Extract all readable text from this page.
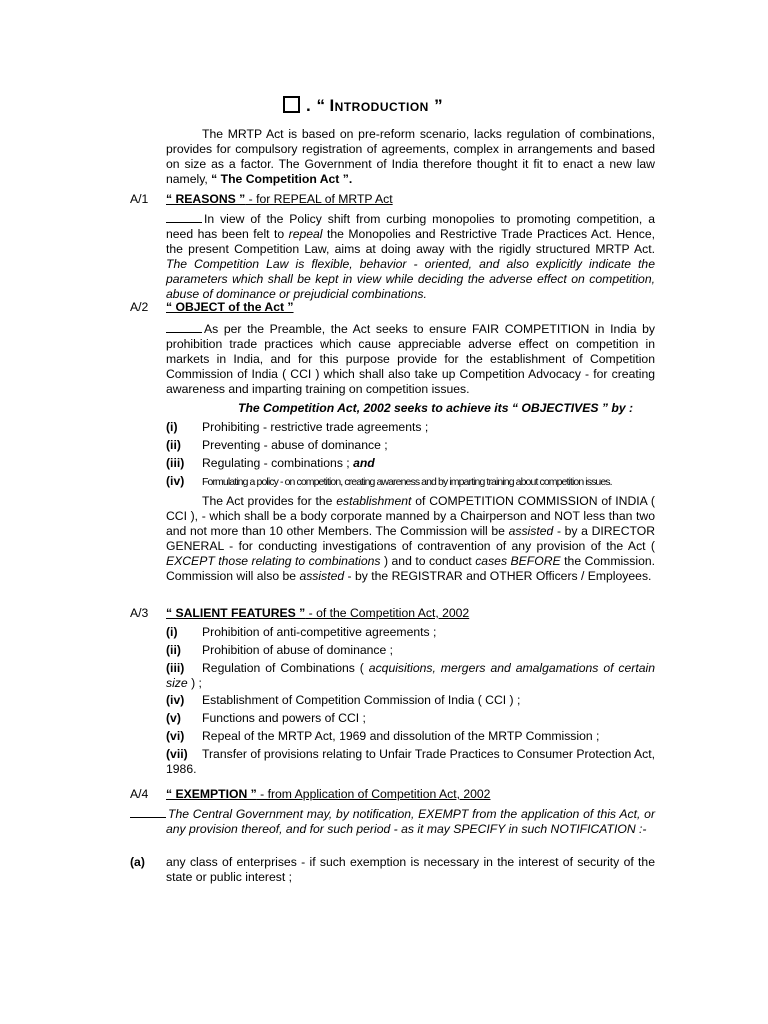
. “ Introduction ”
The MRTP Act is based on pre-reform scenario, lacks regulation of combinations, provides for compulsory registration of agreements, complex in arrangements and based on size as a factor. The Government of India therefore thought it fit to enact a new law namely, “ The Competition Act ”.
A/1 “ REASONS ” - for REPEAL of MRTP Act
In view of the Policy shift from curbing monopolies to promoting competition, a need has been felt to repeal the Monopolies and Restrictive Trade Practices Act. Hence, the present Competition Law, aims at doing away with the rigidly structured MRTP Act. The Competition Law is flexible, behavior - oriented, and also explicitly indicate the parameters which shall be kept in view while deciding the adverse effect on competition, abuse of dominance or prejudicial combinations.
A/2 “ OBJECT of the Act ”
As per the Preamble, the Act seeks to ensure FAIR COMPETITION in India by prohibition trade practices which cause appreciable adverse effect on competition in markets in India, and for this purpose provide for the establishment of Competition Commission of India ( CCI ) which shall also take up Competition Advocacy - for creating awareness and imparting training on competition issues.
The Competition Act, 2002 seeks to achieve its “ OBJECTIVES ” by :
(i) Prohibiting - restrictive trade agreements ;
(ii) Preventing - abuse of dominance ;
(iii) Regulating - combinations ; and
(iv) Formulating a policy - on competition, creating awareness and by imparting training about competition issues.
The Act provides for the establishment of COMPETITION COMMISSION of INDIA ( CCI ), - which shall be a body corporate manned by a Chairperson and NOT less than two and not more than 10 other Members. The Commission will be assisted - by a DIRECTOR GENERAL - for conducting investigations of contravention of any provision of the Act ( EXCEPT those relating to combinations ) and to conduct cases BEFORE the Commission. Commission will also be assisted - by the REGISTRAR and OTHER Officers / Employees.
A/3 “ SALIENT FEATURES ” - of the Competition Act, 2002
(i) Prohibition of anti-competitive agreements ;
(ii) Prohibition of abuse of dominance ;
(iii) Regulation of Combinations ( acquisitions, mergers and amalgamations of certain size ) ;
(iv) Establishment of Competition Commission of India ( CCI ) ;
(v) Functions and powers of CCI ;
(vi) Repeal of the MRTP Act, 1969 and dissolution of the MRTP Commission ;
(vii) Transfer of provisions relating to Unfair Trade Practices to Consumer Protection Act, 1986.
A/4 “ EXEMPTION ” - from Application of Competition Act, 2002
The Central Government may, by notification, EXEMPT from the application of this Act, or any provision thereof, and for such period - as it may SPECIFY in such NOTIFICATION :-
(a) any class of enterprises - if such exemption is necessary in the interest of security of the state or public interest ;
